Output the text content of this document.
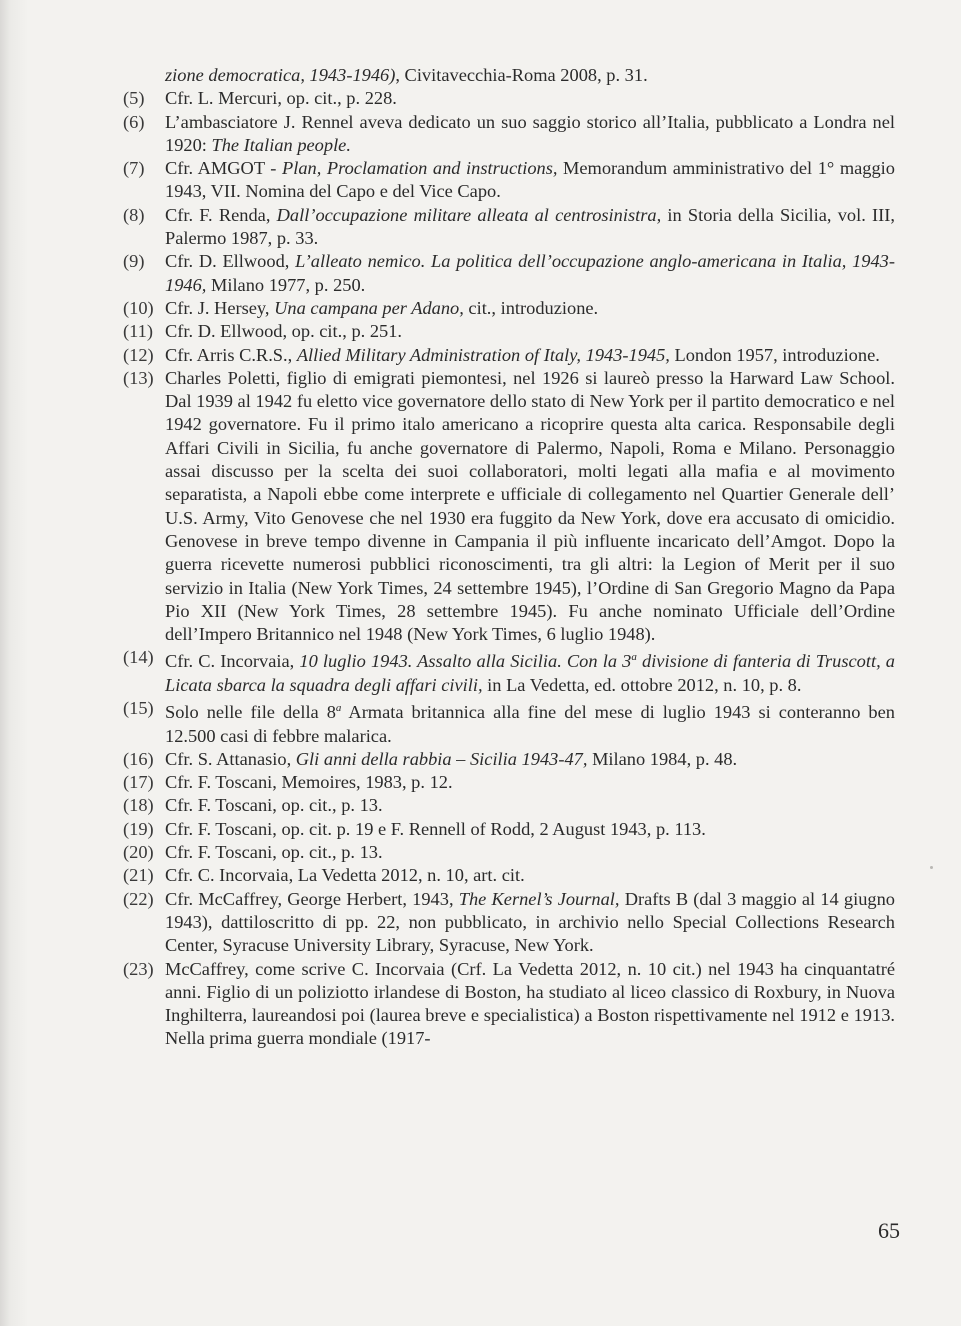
zione democratica, 1943-1946), Civitavecchia-Roma 2008, p. 31.
(5)	Cfr. L. Mercuri, op. cit., p. 228.
(6)	L’ambasciatore J. Rennel aveva dedicato un suo saggio storico all’Italia, pubblicato a Londra nel 1920: The Italian people.
(7)	Cfr. AMGOT - Plan, Proclamation and instructions, Memorandum amministrativo del 1° maggio 1943, VII. Nomina del Capo e del Vice Capo.
(8)	Cfr. F. Renda, Dall’occupazione militare alleata al centrosinistra, in Storia della Sicilia, vol. III, Palermo 1987, p. 33.
(9)	Cfr. D. Ellwood, L’alleato nemico. La politica dell’occupazione anglo-americana in Italia, 1943-1946, Milano 1977, p. 250.
(10) Cfr. J. Hersey, Una campana per Adano, cit., introduzione.
(11) Cfr. D. Ellwood, op. cit., p. 251.
(12) Cfr. Arris C.R.S., Allied Military Administration of Italy, 1943-1945, London 1957, introduzione.
(13) Charles Poletti, figlio di emigrati piemontesi, nel 1926 si laureò presso la Harward Law School. Dal 1939 al 1942 fu eletto vice governatore dello stato di New York per il partito democratico e nel 1942 governatore. Fu il primo italo americano a ricoprire questa alta carica. Responsabile degli Affari Civili in Sicilia, fu anche governatore di Palermo, Napoli, Roma e Milano. Personaggio assai discusso per la scelta dei suoi collaboratori, molti legati alla mafia e al movimento separatista, a Napoli ebbe come interprete e ufficiale di collegamento nel Quartier Generale dell’ U.S. Army, Vito Genovese che nel 1930 era fuggito da New York, dove era accusato di omicidio. Genovese in breve tempo divenne in Campania il più influente incaricato dell’Amgot. Dopo la guerra ricevette numerosi pubblici riconoscimenti, tra gli altri: la Legion of Merit per il suo servizio in Italia (New York Times, 24 settembre 1945), l’Ordine di San Gregorio Magno da Papa Pio XII (New York Times, 28 settembre 1945). Fu anche nominato Ufficiale dell’Ordine dell’Impero Britannico nel 1948 (New York Times, 6 luglio 1948).
(14) Cfr. C. Incorvaia, 10 luglio 1943. Assalto alla Sicilia. Con la 3$^a$ divisione di fanteria di Truscott, a Licata sbarca la squadra degli affari civili, in La Vedetta, ed. ottobre 2012, n. 10, p. 8.
(15) Solo nelle file della 8$^a$ Armata britannica alla fine del mese di luglio 1943 si conteranno ben 12.500 casi di febbre malarica.
(16) Cfr. S. Attanasio, Gli anni della rabbia – Sicilia 1943-47, Milano 1984, p. 48.
(17) Cfr. F. Toscani, Memoires, 1983, p. 12.
(18) Cfr. F. Toscani, op. cit., p. 13.
(19) Cfr. F. Toscani, op. cit. p. 19 e F. Rennell of Rodd, 2 August 1943, p. 113.
(20) Cfr. F. Toscani, op. cit., p. 13.
(21) Cfr. C. Incorvaia, La Vedetta 2012, n. 10, art. cit.
(22) Cfr. McCaffrey, George Herbert, 1943, The Kernel’s Journal, Drafts B (dal 3 maggio al 14 giugno 1943), dattiloscritto di pp. 22, non pubblicato, in archivio nello Special Collections Research Center, Syracuse University Library, Syracuse, New York.
(23) McCaffrey, come scrive C. Incorvaia (Crf. La Vedetta 2012, n. 10 cit.) nel 1943 ha cinquantatré anni. Figlio di un poliziotto irlandese di Boston, ha studiato al liceo classico di Roxbury, in Nuova Inghilterra, laureandosi poi (laurea breve e specialistica) a Boston rispettivamente nel 1912 e 1913. Nella prima guerra mondiale (1917-
65
